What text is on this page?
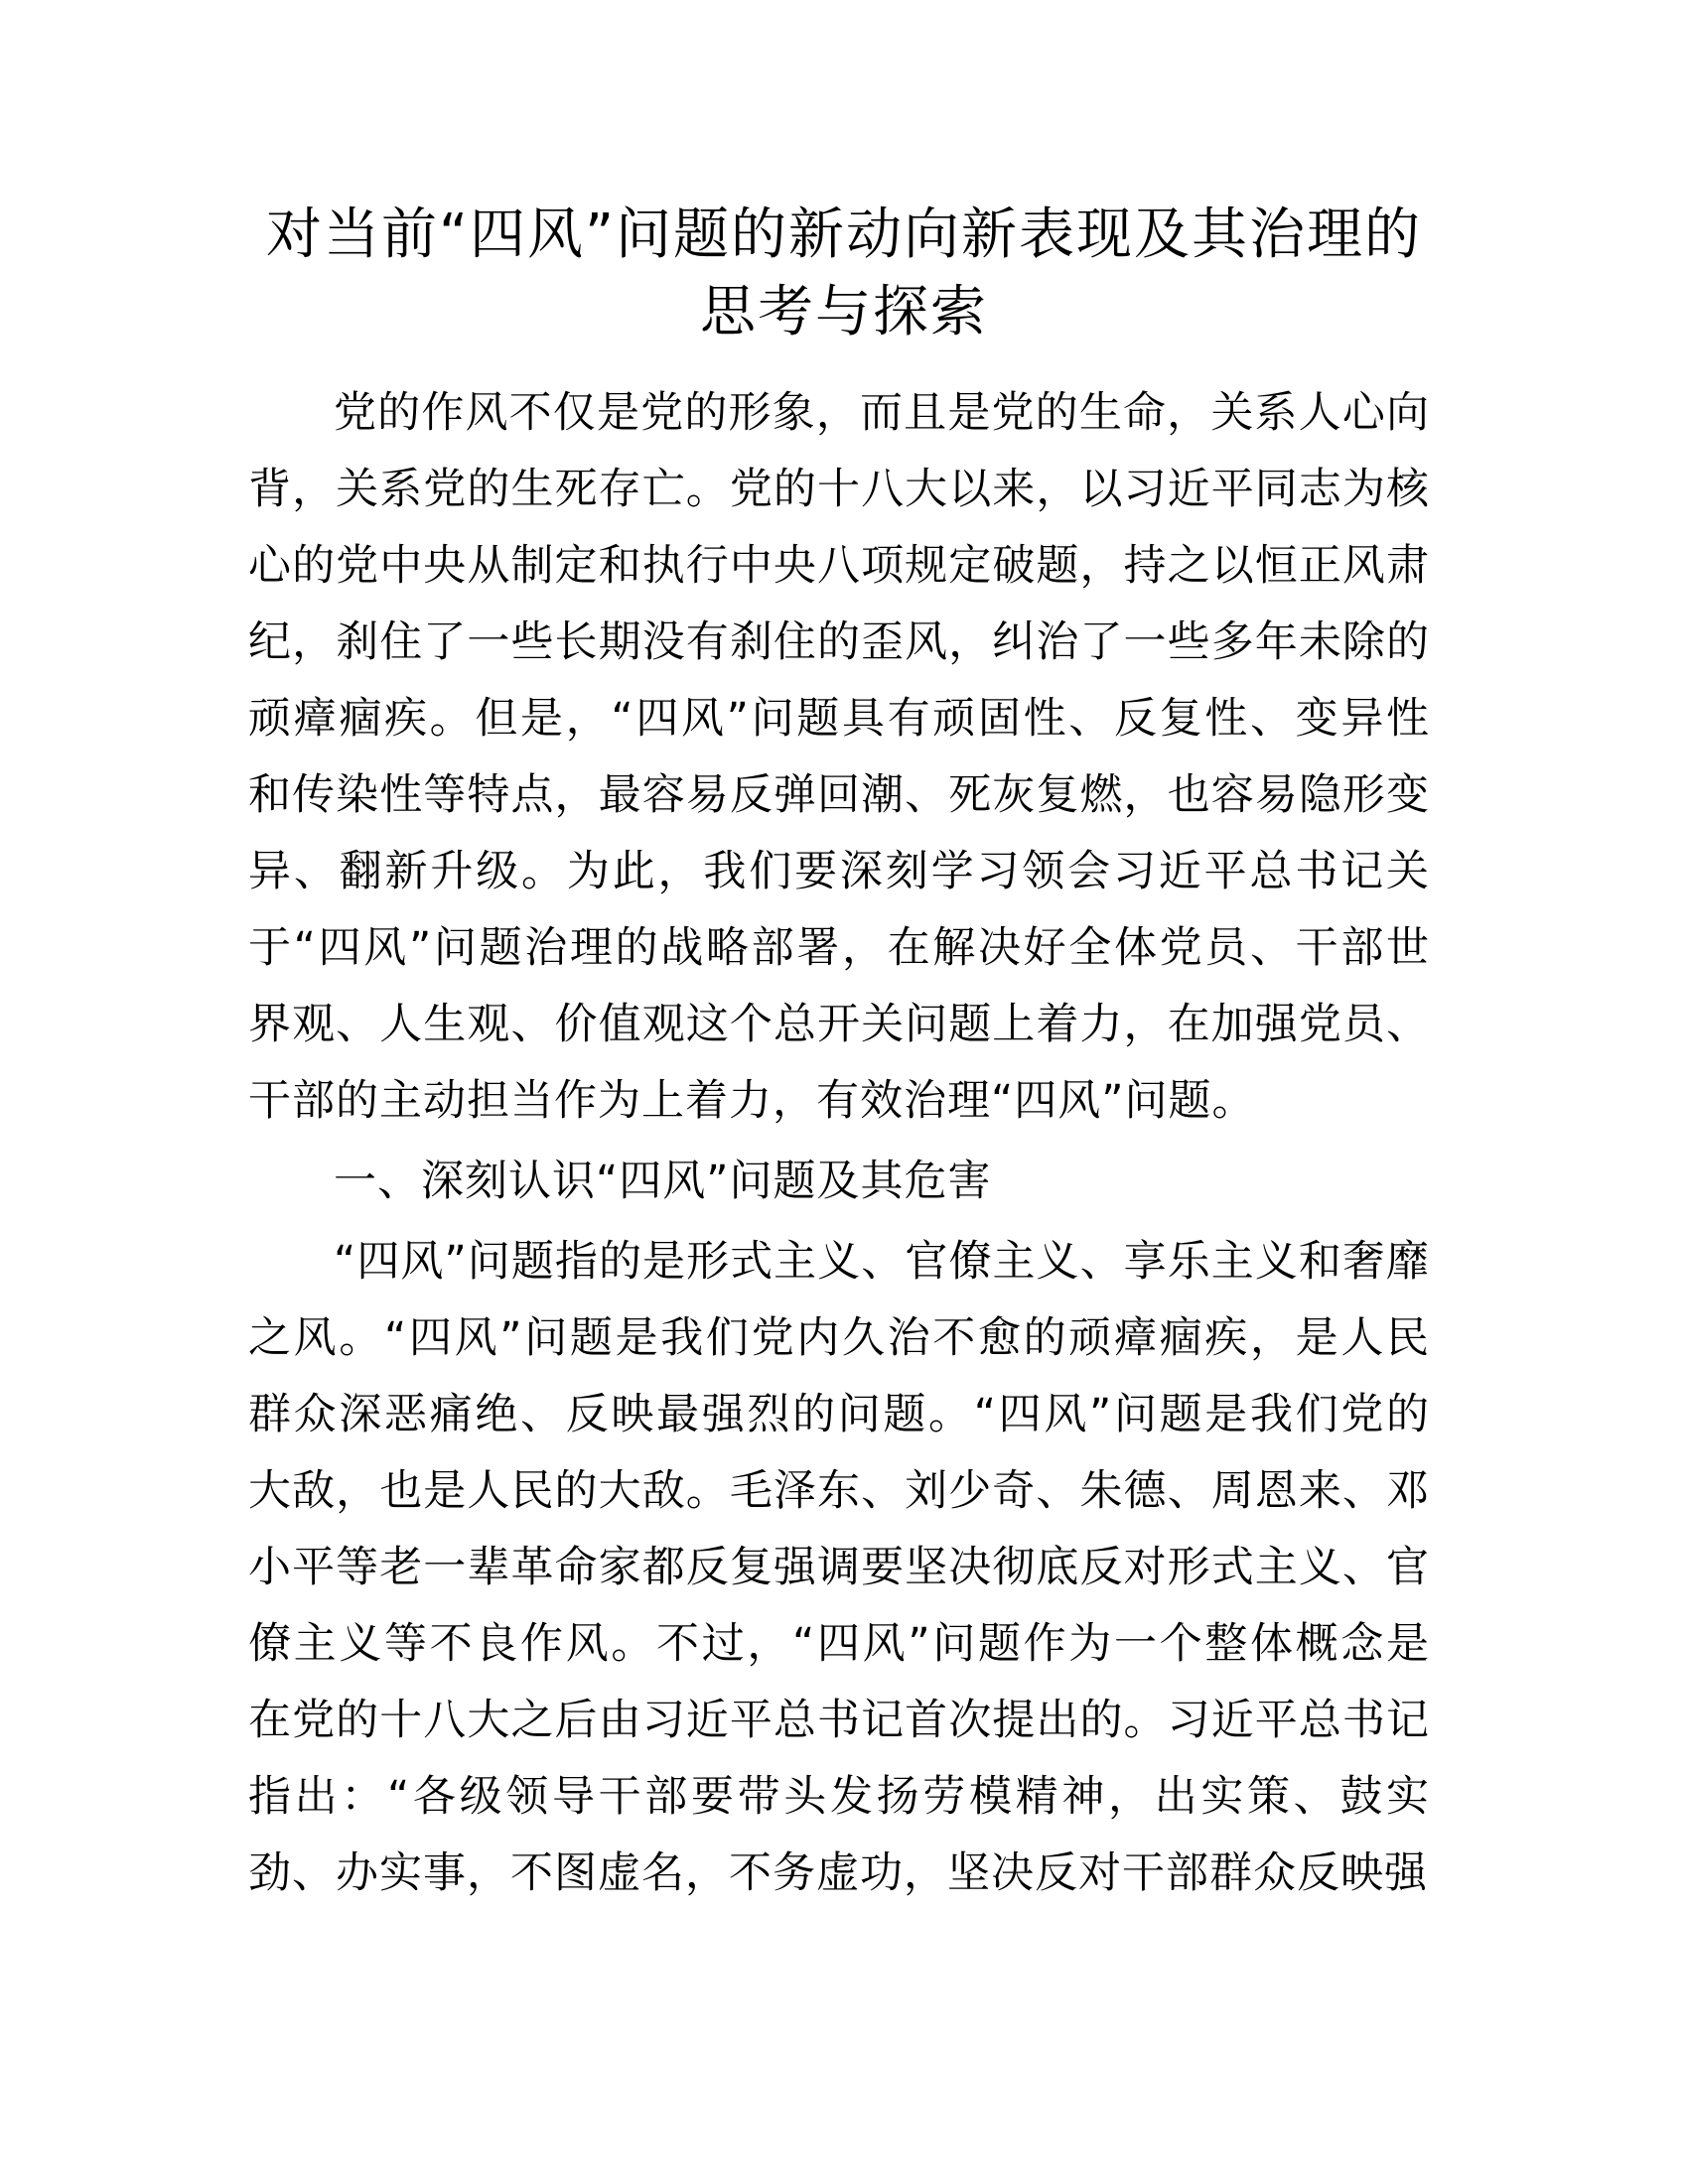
对当前“四风”问题的新动向新表现及其治理的思考与探索

党的作风不仅是党的形象，而且是党的生命，关系人心向背，关系党的生死存亡。党的十八大以来，以习近平同志为核心的党中央从制定和执行中央八项规定破题，持之以恒正风肃纪，刹住了一些长期没有刹住的歪风，纠治了一些多年未除的顽瘴痼疾。但是，“四风”问题具有顽固性、反复性、变异性和传染性等特点，最容易反弹回潮、死灰复燃，也容易隐形变异、翻新升级。为此，我们要深刻学习领会习近平总书记关于“四风”问题治理的战略部署，在解决好全体党员、干部世界观、人生观、价值观这个总开关问题上着力，在加强党员、干部的主动担当作为上着力，有效治理“四风”问题。

一、深刻认识“四风”问题及其危害

“四风”问题指的是形式主义、官僚主义、享乐主义和奢靡之风。“四风”问题是我们党内久治不愈的顽瘴痼疾，是人民群众深恶痛绝、反映最强烈的问题。“四风”问题是我们党的大敌，也是人民的大敌。毛泽东、刘少奇、朱德、周恩来、邓小平等老一辈革命家都反复强调要坚决彻底反对形式主义、官僚主义等不良作风。不过，“四风”问题作为一个整体概念是在党的十八大之后由习近平总书记首次提出的。习近平总书记指出：“各级领导干部要带头发扬劳模精神，出实策、鼓实劲、办实事，不图虚名，不务虚功，坚决反对干部群众反映强
